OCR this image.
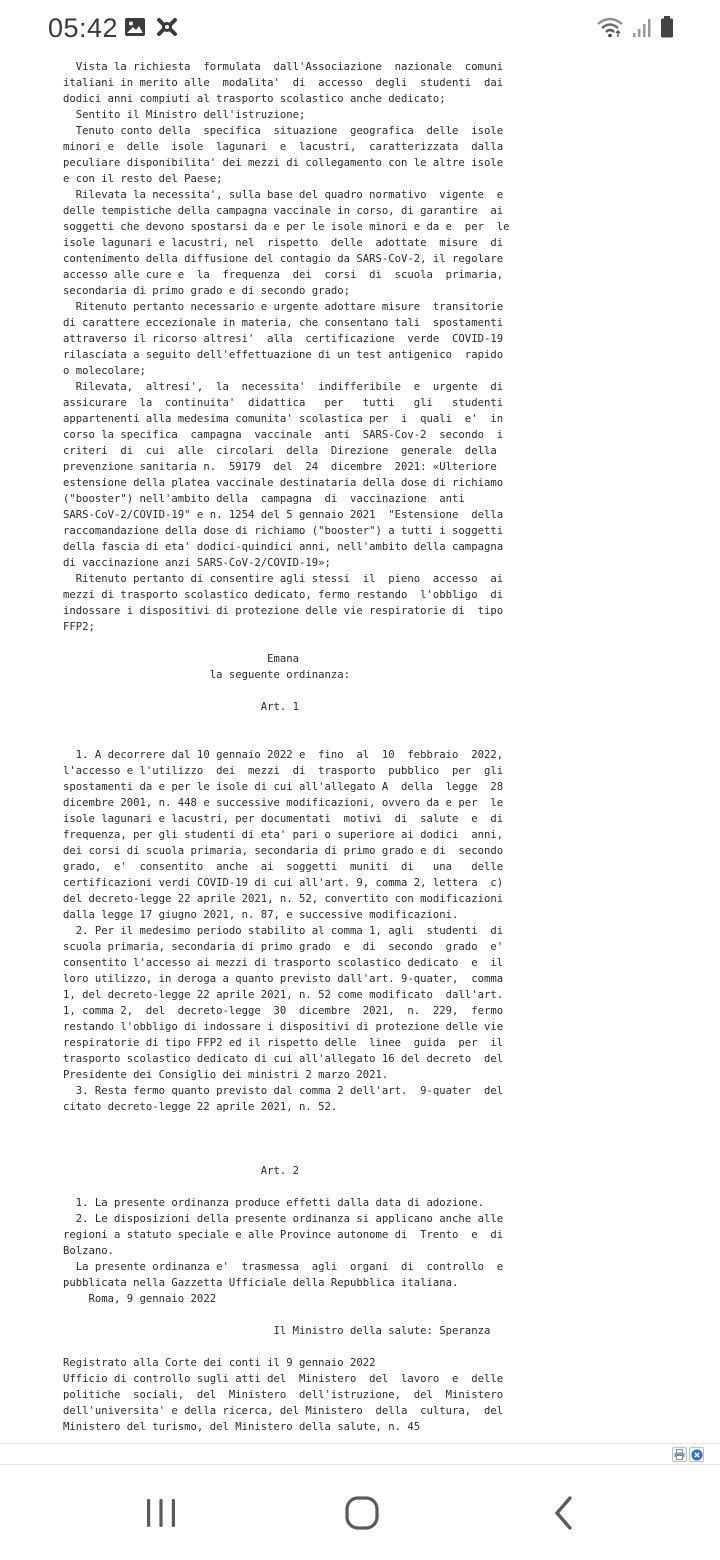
05:42

Vista la richiesta  formulata  dall'Associazione  nazionale  comuni

italiani in merito alle  modalita'  di  accesso  degli  studenti  dai

dodici anni compiuti al trasporto scolastico anche dedicato;

Sentito il Ministro dell'istruzione;

Tenuto conto della  specifica  situazione  geografica  delle  isole

minori e  delle  isole  lagunari  e  lacustri,  caratterizzata  dalla

peculiare disponibilita' dei mezzi di collegamento con le altre isole

e con il resto del Paese;

Rilevata la necessita', sulla base del quadro normativo  vigente  e

delle tempistiche della campagna vaccinale in corso, di garantire  ai

soggetti che devono spostarsi da e per le isole minori e da e  per  le

isole lagunari e lacustri, nel  rispetto  delle  adottate  misure  di

contenimento della diffusione del contagio da SARS-CoV-2, il regolare

accesso alle cure e  la  frequenza  dei  corsi  di  scuola  primaria,

secondaria di primo grado e di secondo grado;

Ritenuto pertanto necessario e urgente adottare misure  transitorie

di carattere eccezionale in materia, che consentano tali  spostamenti

attraverso il ricorso altresi'  alla  certificazione  verde  COVID-19

rilasciata a seguito dell'effettuazione di un test antigenico  rapido

o molecolare;

Rilevata,  altresi',  la  necessita'  indifferibile  e  urgente  di

assicurare  la  continuita'  didattica   per   tutti   gli   studenti

appartenenti alla medesima comunita' scolastica per  i  quali  e'  in

corso la specifica  campagna  vaccinale  anti  SARS-Cov-2  secondo  i

criteri  di  cui  alle  circolari  della  Direzione  generale  della

prevenzione sanitaria n.  59179  del  24  dicembre  2021: «Ulteriore

estensione della platea vaccinale destinataria della dose di richiamo

("booster") nell'ambito della  campagna  di  vaccinazione  anti

SARS-CoV-2/COVID-19" e n. 1254 del 5 gennaio 2021  "Estensione  della

raccomandazione della dose di richiamo ("booster") a tutti i soggetti

della fascia di eta' dodici-quindici anni, nell'ambito della campagna

di vaccinazione anzi SARS-CoV-2/COVID-19»;

Ritenuto pertanto di consentire agli stessi  il  pieno  accesso  ai

mezzi di trasporto scolastico dedicato, fermo restando  l'obbligo  di

indossare i dispositivi di protezione delle vie respiratorie di  tipo

FFP2;

Emana

la seguente ordinanza:

Art. 1

1. A decorrere dal 10 gennaio 2022 e  fino  al  10  febbraio  2022,

l'accesso e l'utilizzo  dei  mezzi  di  trasporto  pubblico  per  gli

spostamenti da e per le isole di cui all'allegato A  della  legge  28

dicembre 2001, n. 448 e successive modificazioni, ovvero da e per  le

isole lagunari e lacustri, per documentati  motivi  di  salute  e  di

frequenza, per gli studenti di eta' pari o superiore ai dodici  anni,

dei corsi di scuola primaria, secondaria di primo grado e di  secondo

grado,  e'  consentito  anche  ai  soggetti  muniti  di   una   delle

certificazioni verdi COVID-19 di cui all'art. 9, comma 2, lettera  c)

del decreto-legge 22 aprile 2021, n. 52, convertito con modificazioni

dalla legge 17 giugno 2021, n. 87, e successive modificazioni.

2. Per il medesimo periodo stabilito al comma 1, agli  studenti  di

scuola primaria, secondaria di primo grado  e  di  secondo  grado  e'

consentito l'accesso ai mezzi di trasporto scolastico dedicato  e  il

loro utilizzo, in deroga a quanto previsto dall'art. 9-quater,  comma

1, del decreto-legge 22 aprile 2021, n. 52 come modificato  dall'art.

1, comma 2,  del  decreto-legge  30  dicembre  2021,  n.  229,  fermo

restando l'obbligo di indossare i dispositivi di protezione delle vie

respiratorie di tipo FFP2 ed il rispetto delle  linee  guida  per  il

trasporto scolastico dedicato di cui all'allegato 16 del decreto  del

Presidente dei Consiglio dei ministri 2 marzo 2021.

3. Resta fermo quanto previsto dal comma 2 dell'art.  9-quater  del

citato decreto-legge 22 aprile 2021, n. 52.

Art. 2

1. La presente ordinanza produce effetti dalla data di adozione.

2. Le disposizioni della presente ordinanza si applicano anche alle

regioni a statuto speciale e alle Province autonome di  Trento  e  di

Bolzano.

La presente ordinanza e'  trasmessa  agli  organi  di  controllo  e

pubblicata nella Gazzetta Ufficiale della Repubblica italiana.

Roma, 9 gennaio 2022

Il Ministro della salute: Speranza

Registrato alla Corte dei conti il 9 gennaio 2022

Ufficio di controllo sugli atti del  Ministero  del  lavoro  e  delle

politiche  sociali,  del  Ministero  dell'istruzione,  del  Ministero

dell'universita' e della ricerca, del Ministero  della  cultura,  del

Ministero del turismo, del Ministero della salute, n. 45
